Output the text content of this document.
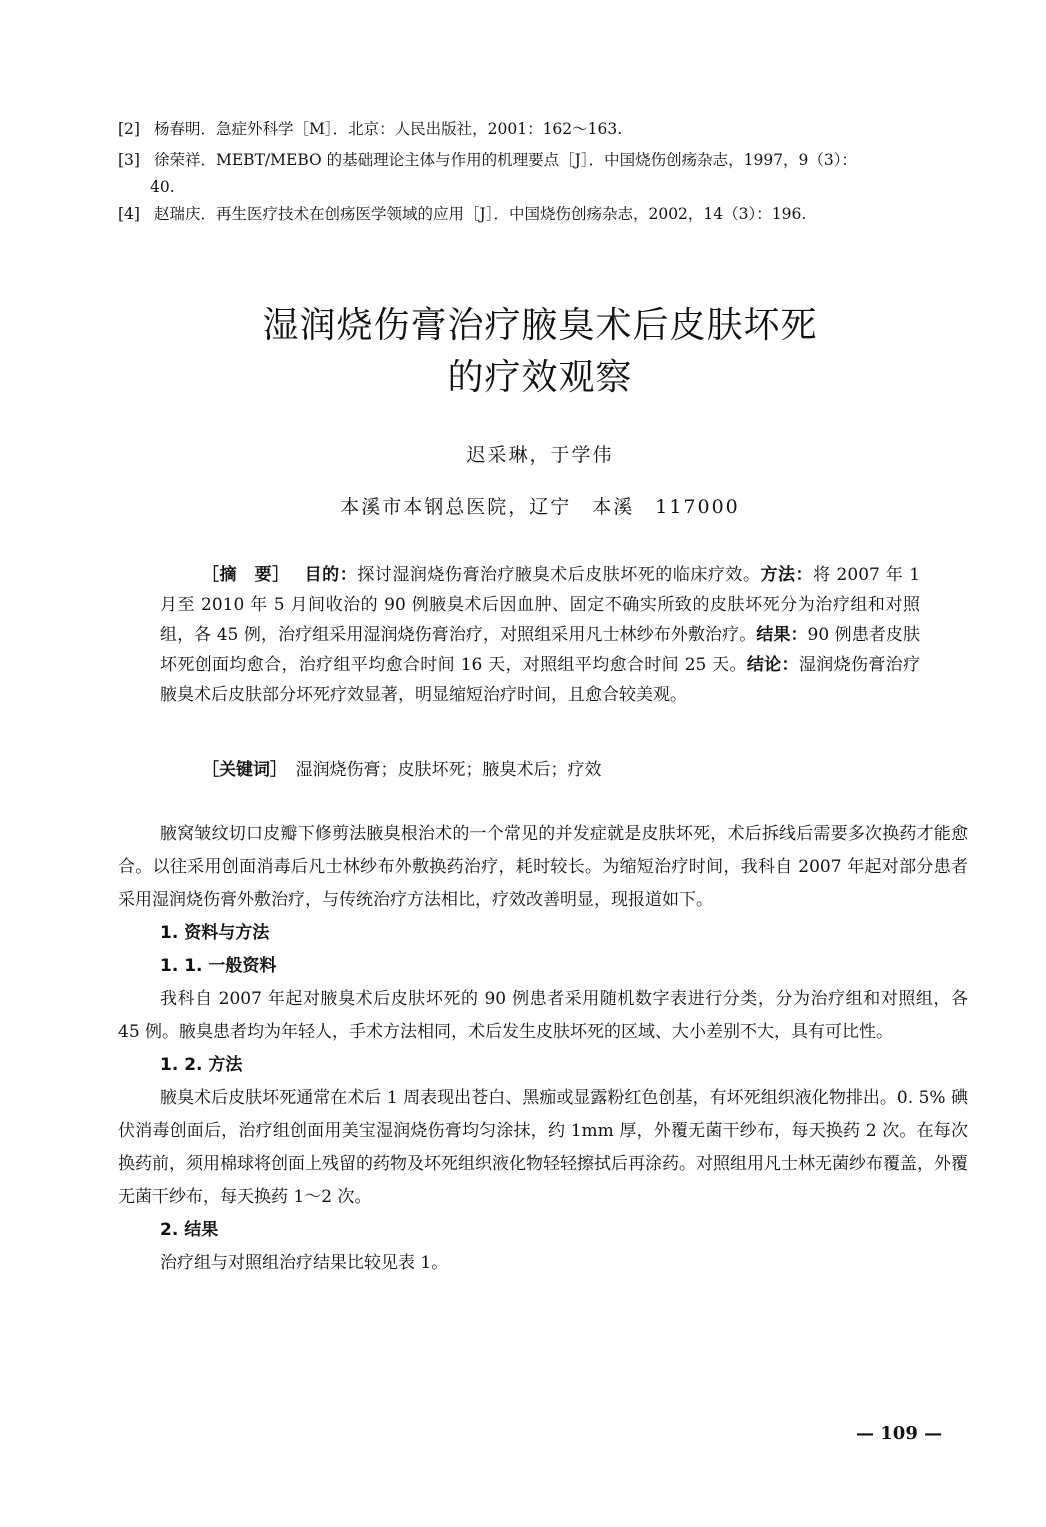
[2] 杨春明．急症外科学［M］．北京：人民出版社，2001：162～163.
[3] 徐荣祥．MEBT/MEBO 的基础理论主体与作用的机理要点［J］．中国烧伤创疡杂志，1997，9（3）：
40.
[4] 赵瑞庆．再生医疗技术在创疡医学领域的应用［J］．中国烧伤创疡杂志，2002，14（3）：196.
湿润烧伤膏治疗腋臭术后皮肤坏死
的疗效观察
迟采琳，于学伟
本溪市本钢总医院，辽宁　本溪　117000

［摘　要］　 目的：探讨湿润烧伤膏治疗腋臭术后皮肤坏死的临床疗效。方法：将 2007 年 1 月至 2010 年 5 月间收治的 90 例腋臭术后因血肿、固定不确实所致的皮肤坏死分为治疗组和对照组，各 45 例，治疗组采用湿润烧伤膏治疗，对照组采用凡士林纱布外敷治疗。结果：90 例患者皮肤坏死创面均愈合，治疗组平均愈合时间 16 天，对照组平均愈合时间 25 天。结论：湿润烧伤膏治疗腋臭术后皮肤部分坏死疗效显著，明显缩短治疗时间，且愈合较美观。

［关键词］　 湿润烧伤膏；皮肤坏死；腋臭术后；疗效

腋窝皱纹切口皮瓣下修剪法腋臭根治术的一个常见的并发症就是皮肤坏死，术后拆线后需要多次换药才能愈合。以往采用创面消毒后凡士林纱布外敷换药治疗，耗时较长。为缩短治疗时间，我科自 2007 年起对部分患者采用湿润烧伤膏外敷治疗，与传统治疗方法相比，疗效改善明显，现报道如下。

1. 资料与方法
1. 1. 一般资料

我科自 2007 年起对腋臭术后皮肤坏死的 90 例患者采用随机数字表进行分类，分为治疗组和对照组，各 45 例。腋臭患者均为年轻人，手术方法相同，术后发生皮肤坏死的区域、大小差别不大，具有可比性。

1. 2. 方法

腋臭术后皮肤坏死通常在术后 1 周表现出苍白、黑痂或显露粉红色创基，有坏死组织液化物排出。0. 5% 碘伏消毒创面后，治疗组创面用美宝湿润烧伤膏均匀涂抹，约 1mm 厚，外覆无菌干纱布，每天换药 2 次。在每次换药前，须用棉球将创面上残留的药物及坏死组织液化物轻轻擦拭后再涂药。对照组用凡士林无菌纱布覆盖，外覆无菌干纱布，每天换药 1～2 次。

2. 结果

治疗组与对照组治疗结果比较见表 1。

— 109 —
